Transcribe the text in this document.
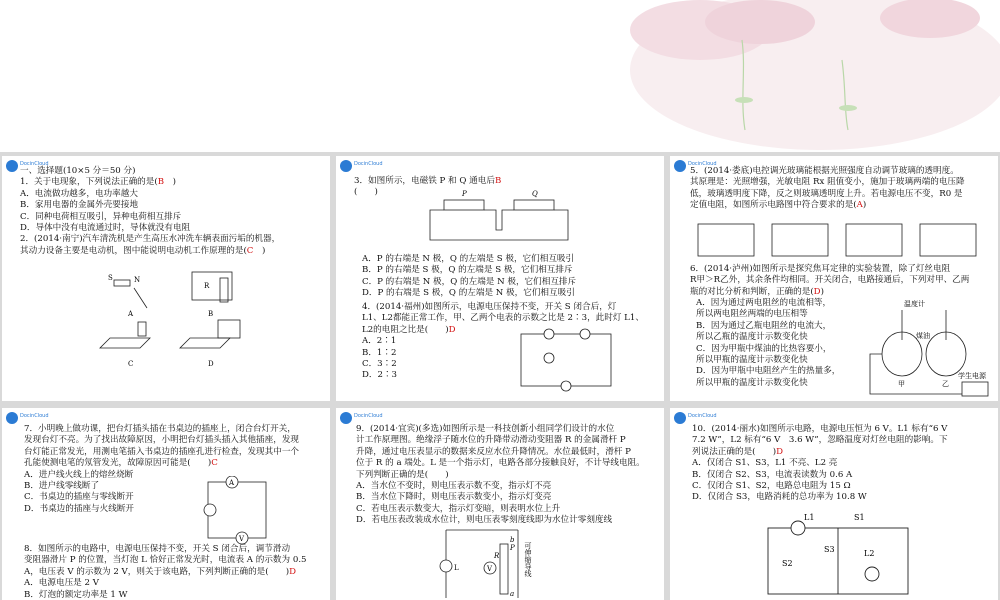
DocinCloud

一、选择题(10×5 分＝50 分)

1．关于电现象，下列说法正确的是(B　)

A．电流做功越多，电功率越大

B．家用电器的金属外壳要接地

C．同种电荷相互吸引，异种电荷相互排斥

D．导体中没有电流通过时，导体就没有电阻

2．(2014·南宁)汽车清洗机是产生高压水冲洗车辆表面污垢的机器，

其动力设备主要是电动机，图中能说明电动机工作原理的是(C　)

S	N
R
A	B
C	D
DocinCloud

3．如图所示，电磁铁 P 和 Q 通电后B

(　　)	P	Q

A．P 的右端是 N 极，Q 的左端是 S 极，它们相互吸引

B．P 的右端是 S 极，Q 的左端是 S 极，它们相互排斥

C．P 的右端是 N 极，Q 的左端是 N 极，它们相互排斥

D．P 的右端是 S 极，Q 的左端是 N 极，它们相互吸引

4．(2014·福州)如图所示，电源电压保持不变，开关 S 闭合后，灯

L1、L2都能正常工作，甲、乙两个电表的示数之比是 2∶3，此时灯 L1、

L2的电阻之比是(　　)D

A．2∶1

B．1∶2

C．3∶2

D．2∶3

DocinCloud

5．(2014·娄底)电控调光玻璃能根据光照强度自动调节玻璃的透明度。

其原理是：光照增强，光敏电阻 Rx 阻值变小，施加于玻璃两端的电压降

低，玻璃透明度下降，反之则玻璃透明度上升。若电源电压不变，R0 是

定值电阻，如图所示电路图中符合要求的是(A)

6．(2014·泸州)如图所示是探究焦耳定律的实验装置，除了灯丝电阻

R甲＞R乙外，其余条件均相同。开关闭合，电路接通后，下列对甲、乙两

瓶的对比分析和判断，正确的是(D)

A．因为通过两电阻丝的电流相等，

所以两电阻丝两端的电压相等

B．因为通过乙瓶电阻丝的电流大，

所以乙瓶的温度计示数变化快

C．因为甲瓶中煤油的比热容要小，

所以甲瓶的温度计示数变化快

D．因为甲瓶中电阻丝产生的热量多，

所以甲瓶的温度计示数变化快

温度计
煤油
甲	乙
学生电源
DocinCloud

7．小明晚上做功课，把台灯插头插在书桌边的插座上，闭合台灯开关，

发现台灯不亮。为了找出故障原因，小明把台灯插头插入其他插座，发现

台灯能正常发光，用测电笔插入书桌边的插座孔进行检查，发现其中一个

孔能使测电笔的氖管发光，故障原因可能是(　　)C

A．进户线火线上的熔丝烧断

B．进户线零线断了

C．书桌边的插座与零线断开

D．书桌边的插座与火线断开

A
V

8．如图所示的电路中，电源电压保持不变，开关 S 闭合后，调节滑动

变阻器滑片 P 的位置，当灯泡 L 恰好正常发光时，电流表 A 的示数为 0.5

A，电压表 V 的示数为 2 V，则关于该电路，下列判断正确的是(　　)D

A．电源电压是 2 V

B．灯泡的额定功率是 1 W

DocinCloud

9．(2014·宜宾)(多选)如图所示是一科技创新小组同学们设计的水位

计工作原理图。绝缘浮子随水位的升降带动滑动变阻器 R 的金属滑杆 P

升降，通过电压表显示的数据来反应水位升降情况。水位最低时，滑杆 P

位于 R 的 a 端处。L 是一个指示灯，电路各部分接触良好，不计导线电阻。

下列判断正确的是(　　)

A．当水位不变时，则电压表示数不变，指示灯不亮

B．当水位下降时，则电压表示数变小，指示灯变亮

C．若电压表示数变大，指示灯变暗，则表明水位上升

D．若电压表改装成水位计，则电压表零刻度线即为水位计零刻度线

L	V
R
P
b
a
可伸缩导线
DocinCloud

10．(2014·丽水)如图所示电路，电源电压恒为 6 V。L1 标有“6 V

7.2 W”，L2 标有“6 V　3.6 W”，忽略温度对灯丝电阻的影响。下

列说法正确的是(　　)D

A．仅闭合 S1、S3，L1 不亮、L2 亮

B．仅闭合 S2、S3，电流表读数为 0.6 A

C．仅闭合 S1、S2，电路总电阻为 15 Ω

D．仅闭合 S3，电路消耗的总功率为 10.8 W

L1	S1
S3	L2
S2
